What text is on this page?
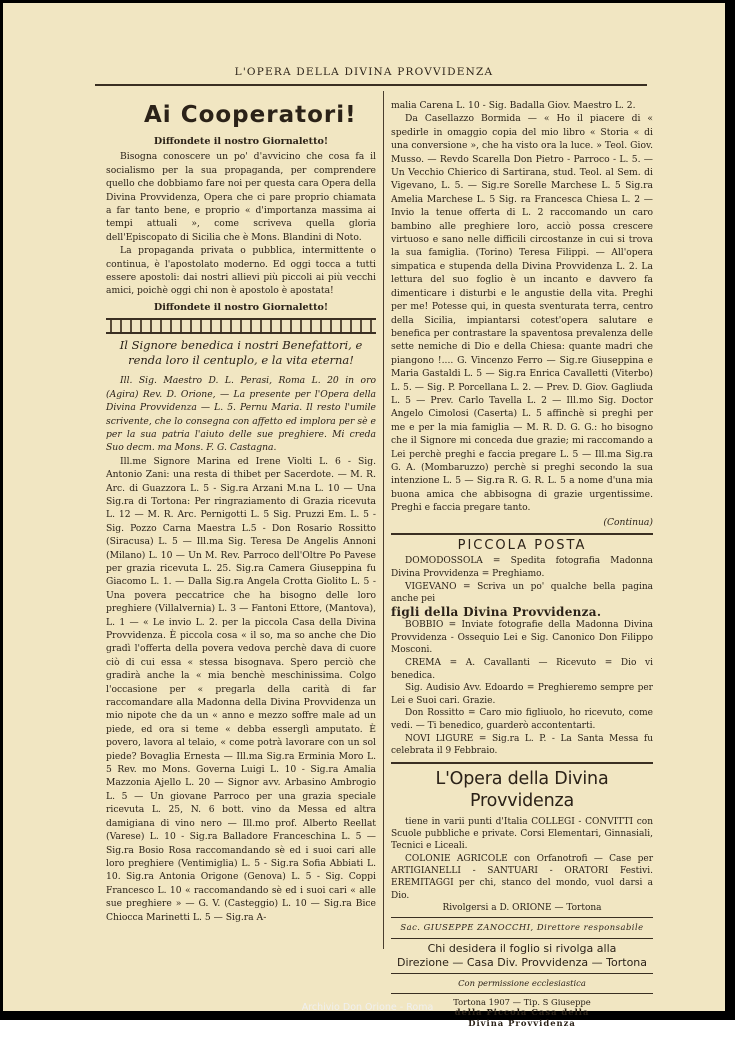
L'OPERA DELLA DIVINA PROVVIDENZA
Ai Cooperatori!
Diffondete il nostro Giornaletto!

Bisogna conoscere un po' d'avvicino che cosa fa il socialismo per la sua propaganda, per comprendere quello che dobbiamo fare noi per questa cara Opera della Divina Provvidenza, Opera che ci pare proprio chiamata a far tanto bene, e proprio « d'importanza massima ai tempi attuali », come scriveva quella gloria dell'Episcopato di Sicilia che è Mons. Blandini di Noto.

La propaganda privata o pubblica, intermittente o continua, è l'apostolato moderno. Ed oggi tocca a tutti essere apostoli: dai nostri allievi più piccoli ai più vecchi amici, poichè oggi chi non è apostolo è apostata!

Diffondete il nostro Giornaletto!
Il Signore benedica i nostri Benefattori, e renda loro il centuplo, e la vita eterna!

Ill. Sig. Maestro D. L. Perasi, Roma L. 20 in oro (Agira) Rev. D. Orione, — La presente per l'Opera della Divina Provvidenza — L. 5. Pernu Maria. Il resto l'umile scrivente, che lo consegna con affetto ed implora per sè e per la sua patria l'aiuto delle sue preghiere. Mi creda Suo decm. ma Mons. F. G. Castagna.

Ill.me Signore Marina ed Irene Violti L. 6 - Sig. Antonio Zani: una resta di thibet per Sacerdote. — M. R. Arc. di Guazzora L. 5 - Sig.ra Arzani M.na L. 10 — Una Sig.ra di Tortona: Per ringraziamento di Grazia ricevuta L. 12 — M. R. Arc. Pernigotti L. 5 Sig. Pruzzi Em. L. 5 - Sig. Pozzo Carna Maestra L.5 - Don Rosario Rossitto (Siracusa) L. 5 — Ill.ma Sig. Teresa De Angelis Annoni (Milano) L. 10 — Un M. Rev. Parroco dell'Oltre Po Pavese per grazia ricevuta L. 25. Sig.ra Camera Giuseppina fu Giacomo L. 1. — Dalla Sig.ra Angela Crotta Giolito L. 5 - Una povera peccatrice che ha bisogno delle loro preghiere (Villalvernia) L. 3 — Fantoni Ettore, (Mantova), L. 1 — « Le invio L. 2. per la piccola Casa della Divina Provvidenza. È piccola cosa « il so, ma so anche che Dio gradì l'offerta della povera vedova perchè dava di cuore ciò di cui essa « stessa bisognava. Spero perciò che gradirà anche la « mia benchè meschinissima. Colgo l'occasione per « pregarla della carità di far raccomandare alla Madonna della Divina Provvidenza un mio nipote che da un « anno e mezzo soffre male ad un piede, ed ora si teme « debba esserglì amputato. È povero, lavora al telaio, « come potrà lavorare con un sol piede? Bovaglia Ernesta — Ill.ma Sig.ra Erminia Moro L. 5 Rev. mo Mons. Governa Luigi L. 10 - Sig.ra Amalia Mazzonia Ajello L. 20 — Signor avv. Arbasino Ambrogio L. 5 — Un giovane Parroco per una grazia speciale ricevuta L. 25, N. 6 bott. vino da Messa ed altra damigiana di vino nero — Ill.mo prof. Alberto Reellat (Varese) L. 10 - Sig.ra Balladore Franceschina L. 5 — Sig.ra Bosio Rosa raccomandando sè ed i suoi cari alle loro preghiere (Ventimiglia) L. 5 - Sig.ra Sofia Abbiati L. 10. Sig.ra Antonia Origone (Genova) L. 5 - Sig. Coppi Francesco L. 10 « raccomandando sè ed i suoi cari « alle sue preghiere » — G. V. (Casteggio) L. 10 — Sig.ra Bice Chiocca Marinetti L. 5 — Sig.ra A-

malia Carena L. 10 - Sig. Badalla Giov. Maestro L. 2.

Da Casellazzo Bormida — « Ho il piacere di « spedirle in omaggio copia del mio libro « Storia « di una conversione », che ha visto ora la luce. » Teol. Giov. Musso. — Revdo Scarella Don Pietro - Parroco - L. 5. — Un Vecchio Chierico di Sartirana, stud. Teol. al Sem. di Vigevano, L. 5. — Sig.re Sorelle Marchese L. 5 Sig.ra Amelia Marchese L. 5 Sig. ra Francesca Chiesa L. 2 — Invio la tenue offerta di L. 2 raccomando un caro bambino alle preghiere loro, acciò possa crescere virtuoso e sano nelle difficili circostanze in cui si trova la sua famiglia. (Torino) Teresa Filippi. — All'opera simpatica e stupenda della Divina Provvidenza L. 2. La lettura del suo foglio è un incanto e davvero fa dimenticare i disturbi e le angustie della vita. Preghi per me! Potesse qui, in questa sventurata terra, centro della Sicilia, impiantarsi cotest'opera salutare e benefica per contrastare la spaventosa prevalenza delle sette nemiche di Dio e della Chiesa: quante madri che piangono !.... G. Vincenzo Ferro — Sig.re Giuseppina e Maria Gastaldi L. 5 — Sig.ra Enrica Cavalletti (Viterbo) L. 5. — Sig. P. Porcellana L. 2. — Prev. D. Giov. Gagliuda L. 5 — Prev. Carlo Tavella L. 2 — Ill.mo Sig. Doctor Angelo Cimolosi (Caserta) L. 5 affinchè si preghi per me e per la mia famiglia — M. R. D. G. G.: ho bisogno che il Signore mi conceda due grazie; mi raccomando a Lei perchè preghi e faccia pregare L. 5 — Ill.ma Sig.ra G. A. (Mombaruzzo) perchè si preghi secondo la sua intenzione L. 5 — Sig.ra R. G. R. L. 5 a nome d'una mia buona amica che abbisogna di grazie urgentissime. Preghi e faccia pregare tanto.

(Continua)
PICCOLA POSTA

DOMODOSSOLA = Spedita fotografia Madonna Divina Provvidenza = Preghiamo.

VIGEVANO = Scriva un po' qualche bella pagina anche pei

figli della Divina Provvidenza.

BOBBIO = Inviate fotografie della Madonna Divina Provvidenza - Ossequio Lei e Sig. Canonico Don Filippo Mosconi.

CREMA = A. Cavallanti — Ricevuto = Dio vi benedica.

Sig. Audisio Avv. Edoardo = Preghieremo sempre per Lei e Suoi cari. Grazie.

Don Rossitto = Caro mio figliuolo, ho ricevuto, come vedi. — Ti benedico, guarderò accontentarti.

NOVI LIGURE = Sig.ra L. P. - La Santa Messa fu celebrata il 9 Febbraio.

L'Opera della Divina Provvidenza

tiene in varii punti d'Italia COLLEGI - CONVITTI con Scuole pubbliche e private. Corsi Elementari, Ginnasiali, Tecnici e Liceali.

COLONIE AGRICOLE con Orfanotrofi — Case per ARTIGIANELLI - SANTUARI - ORATORI Festivi. EREMITAGGI per chi, stanco del mondo, vuol darsi a Dio.

Rivolgersi a D. ORIONE — Tortona

Sac. GIUSEPPE ZANOCCHI, Direttore responsabile
Chi desidera il foglio si rivolga alla
Direzione — Casa Div. Provvidenza — Tortona
Con permissione ecclesiastica
Tortona 1907 — Tip. S Giuseppe
della Piccola Casa della
Divina Provvidenza
Archivio Don Orione - Roma
